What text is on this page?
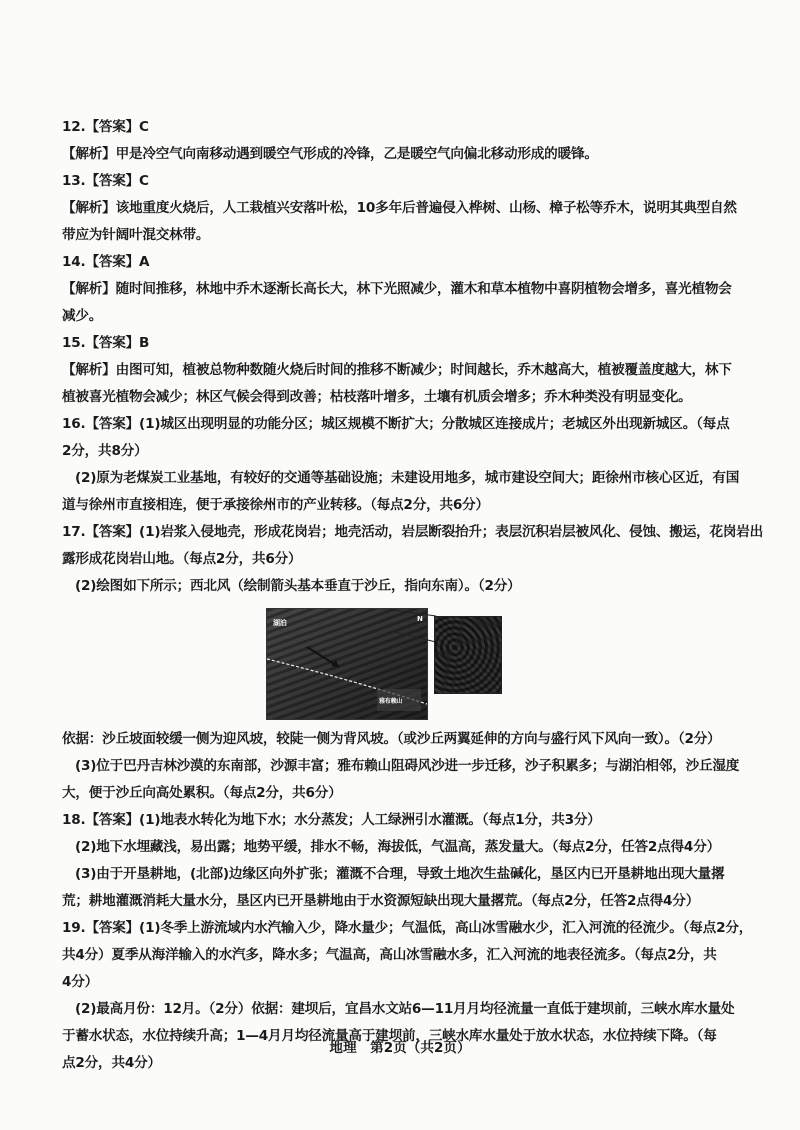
12.【答案】C
【解析】甲是冷空气向南移动遇到暖空气形成的冷锋，乙是暖空气向偏北移动形成的暖锋。
13.【答案】C
【解析】该地重度火烧后，人工栽植兴安落叶松，10多年后普遍侵入桦树、山杨、樟子松等乔木，说明其典型自然
带应为针阔叶混交林带。
14.【答案】A
【解析】随时间推移，林地中乔木逐渐长高长大，林下光照减少，灌木和草本植物中喜阴植物会增多，喜光植物会
减少。
15.【答案】B
【解析】由图可知，植被总物种数随火烧后时间的推移不断减少；时间越长，乔木越高大，植被覆盖度越大，林下
植被喜光植物会减少；林区气候会得到改善；枯枝落叶增多，土壤有机质会增多；乔木种类没有明显变化。
16.【答案】(1)城区出现明显的功能分区；城区规模不断扩大；分散城区连接成片；老城区外出现新城区。（每点
2分，共8分）
(2)原为老煤炭工业基地，有较好的交通等基础设施；未建设用地多，城市建设空间大；距徐州市核心区近，有国
道与徐州市直接相连，便于承接徐州市的产业转移。（每点2分，共6分）
17.【答案】(1)岩浆入侵地壳，形成花岗岩；地壳活动，岩层断裂抬升；表层沉积岩层被风化、侵蚀、搬运，花岗岩出
露形成花岗岩山地。（每点2分，共6分）
(2)绘图如下所示；西北风（绘制箭头基本垂直于沙丘，指向东南）。（2分）
湖泊
雅布赖山
N
依据：沙丘坡面较缓一侧为迎风坡，较陡一侧为背风坡。（或沙丘两翼延伸的方向与盛行风下风向一致）。（2分）
(3)位于巴丹吉林沙漠的东南部，沙源丰富；雅布赖山阻碍风沙进一步迁移，沙子积累多；与湖泊相邻，沙丘湿度
大，便于沙丘向高处累积。（每点2分，共6分）
18.【答案】(1)地表水转化为地下水；水分蒸发；人工绿洲引水灌溉。（每点1分，共3分）
(2)地下水埋藏浅，易出露；地势平缓，排水不畅，海拔低，气温高，蒸发量大。（每点2分，任答2点得4分）
(3)由于开垦耕地，(北部)边缘区向外扩张；灌溉不合理，导致土地次生盐碱化，垦区内已开垦耕地出现大量撂
荒；耕地灌溉消耗大量水分，垦区内已开垦耕地由于水资源短缺出现大量撂荒。（每点2分，任答2点得4分）
19.【答案】(1)冬季上游流域内水汽输入少，降水量少；气温低，高山冰雪融水少，汇入河流的径流少。（每点2分，
共4分）夏季从海洋输入的水汽多，降水多；气温高，高山冰雪融水多，汇入河流的地表径流多。（每点2分，共
4分）
(2)最高月份：12月。（2分）依据：建坝后，宜昌水文站6—11月月均径流量一直低于建坝前，三峡水库水量处
于蓄水状态，水位持续升高；1—4月月均径流量高于建坝前，三峡水库水量处于放水状态，水位持续下降。（每
点2分，共4分）
地理　第2页（共2页）
